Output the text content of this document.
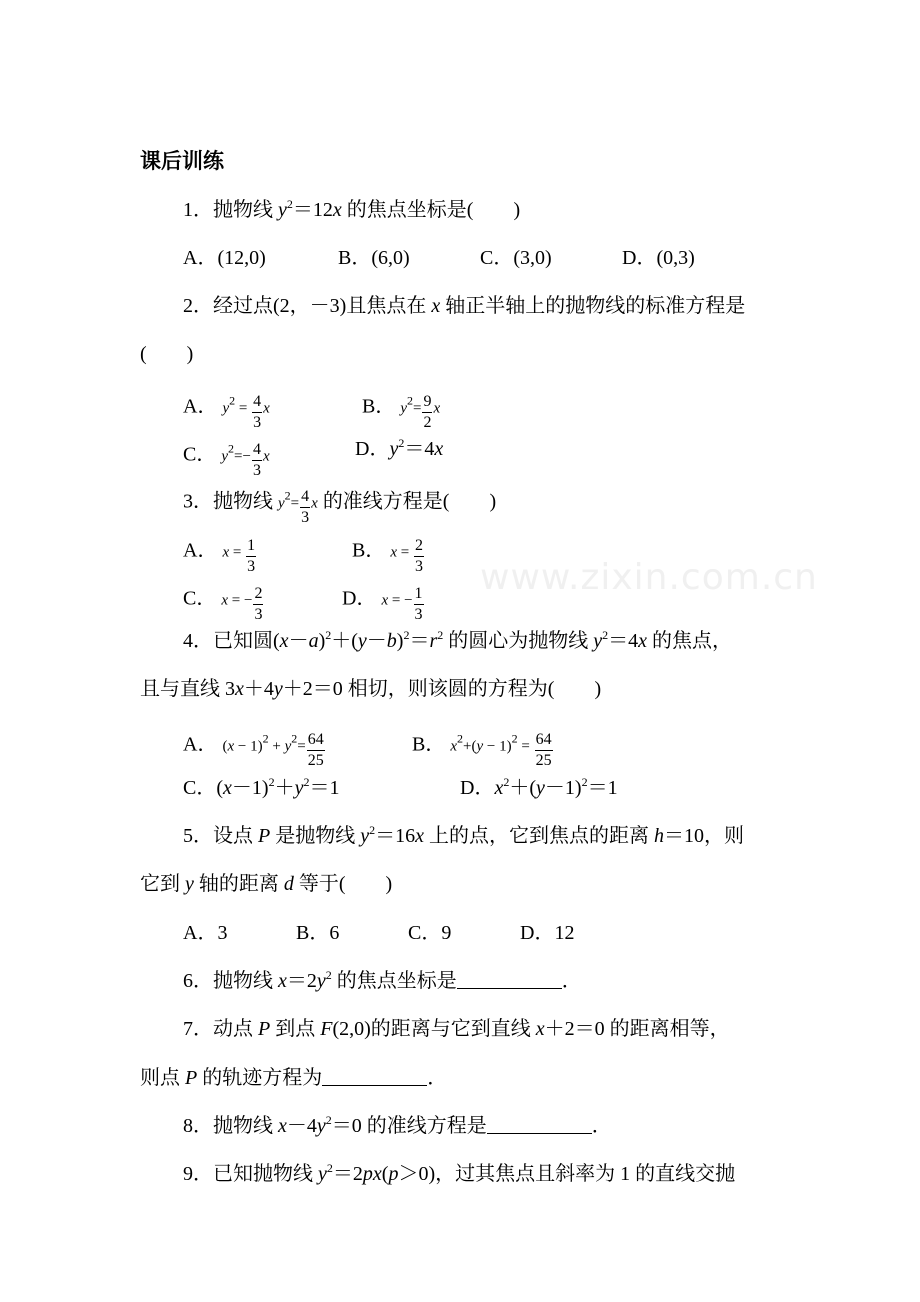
www.zixin.com.cn
课后训练
1．抛物线 $y^2=12x$ 的焦点坐标是(　　)
A．(12,0)	B．(6,0)	C．(3,0)	D．(0,3)
2．经过点(2，－3)且焦点在 x 轴正半轴上的抛物线的标准方程是
(　　)
A． $y^2 = \frac{4}{3}$ x	B． $y^2= \frac{9}{2}$ x
C． $y^2=- \frac{4}{3}$ x	D．$y^2=4x$
3．抛物线 $y^2= \frac{4}{3}$ x 的准线方程是(　　)
A． $x = \frac{1}{3}$	B． $x = \frac{2}{3}$
C． x = − $\frac{2}{3}$	D． x = − $\frac{1}{3}$
4．已知圆$(x-a)^2+(y-b)^2=r^2$ 的圆心为抛物线 $y^2=4x$ 的焦点，
且与直线 3x＋4y＋2＝0 相切，则该圆的方程为(　　)
A． $(x - 1)^2 + y^2= \frac{64}{25}$	B． $x^2+(y - 1)^2 = \frac{64}{25}$
C．$(x-1)^2+y^2=1$	D．$x^2+(y-1)^2=1$
5．设点 P 是抛物线 $y^2=16x$ 上的点，它到焦点的距离 h＝10，则
它到 y 轴的距离 d 等于(　　)
A．3	B．6	C．9	D．12
6．抛物线 $x=2y^2$ 的焦点坐标是	．
7．动点 P 到点 F(2,0)的距离与它到直线 x＋2＝0 的距离相等，
则点 P 的轨迹方程为	．
8．抛物线 $x-4y^2=0$ 的准线方程是	．
9．已知抛物线 $y^2=2px(p>0)$，过其焦点且斜率为 1 的直线交抛
